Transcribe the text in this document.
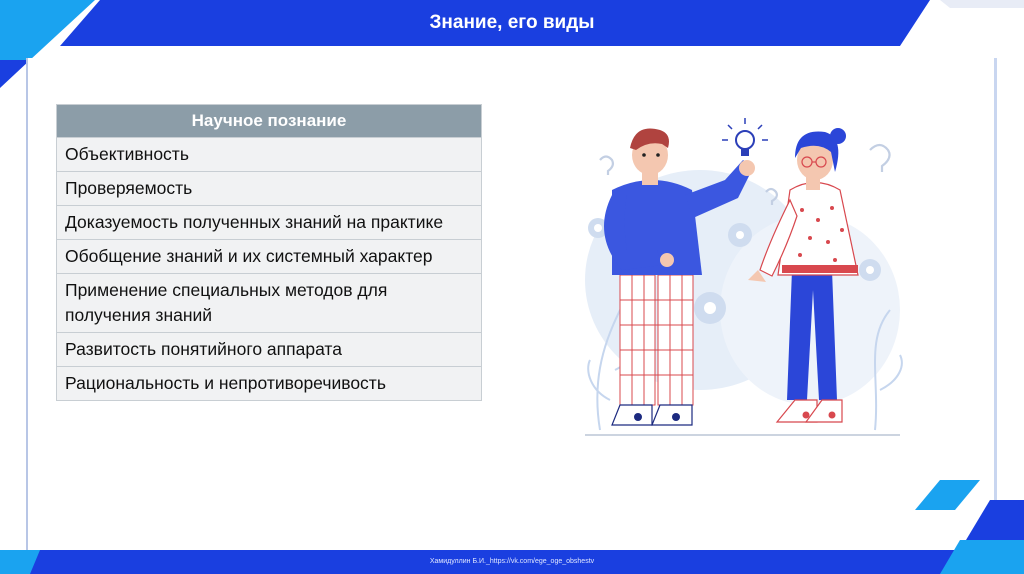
Знание, его виды
Научное познание
Объективность
Проверяемость
Доказуемость полученных знаний на практике
Обобщение знаний и их системный характер
Применение специальных методов для получения знаний
Развитость понятийного аппарата
Рациональность и непротиворечивость
Хамидуллин Б.И._https://vk.com/ege_oge_obshestv
